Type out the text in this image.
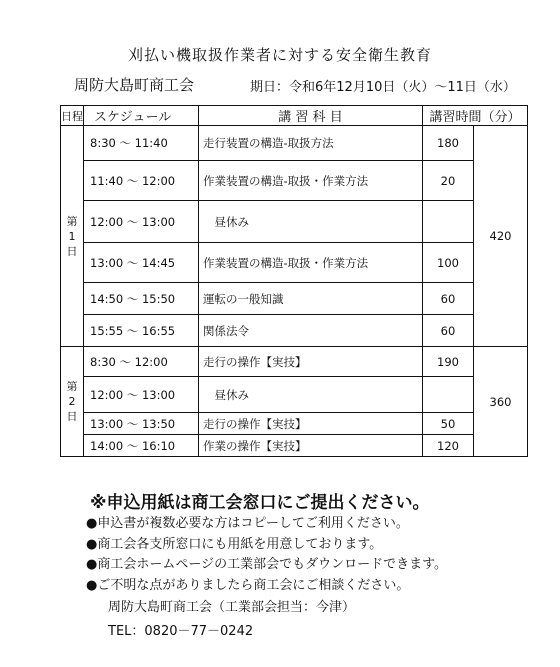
刈払い機取扱作業者に対する安全衛生教育
周防大島町商工会	期日：令和6年12月10日（火）～11日（水）
日程	スケジュール	講 習 科 目	講習時間（分）	

第
1
日	8:30 ～ 11:40	走行装置の構造-取扱方法	180	420
	11:40 ～ 12:00	作業装置の構造-取扱・作業方法	20	
	12:00 ～ 13:00	　昼休み		
	13:00 ～ 14:45	作業装置の構造-取扱・作業方法	100	
	14:50 ～ 15:50	運転の一般知識	60	
	15:55 ～ 16:55	関係法令	60	

第
2
日	8:30 ～ 12:00	走行の操作【実技】	190	360
	12:00 ～ 13:00	　昼休み		
	13:00 ～ 13:50	走行の操作【実技】	50	
	14:00 ～ 16:10	作業の操作【実技】	120	
※申込用紙は商工会窓口にご提出ください。
●申込書が複数必要な方はコピーしてご利用ください。
●商工会各支所窓口にも用紙を用意しております。
●商工会ホームページの工業部会でもダウンロードできます。
●ご不明な点がありましたら商工会にご相談ください。
周防大島町商工会（工業部会担当：今津）
TEL：0820－77－0242
